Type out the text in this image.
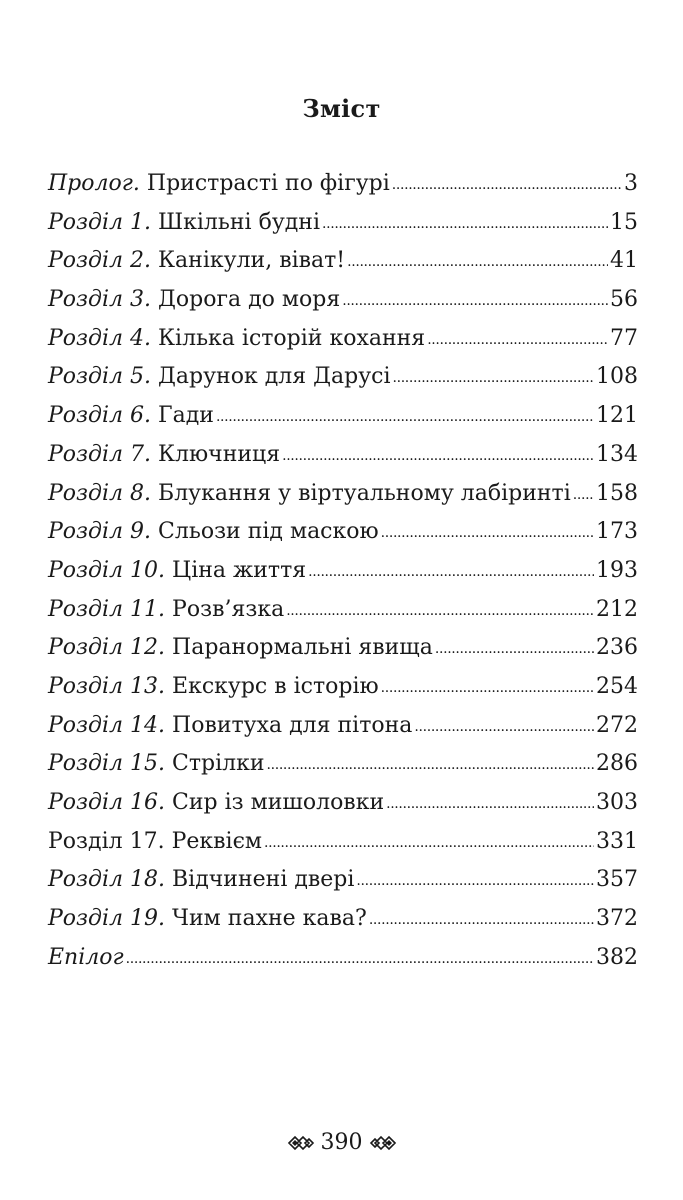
Зміст
Пролог. Пристрасті по фігурі . . .	3
Розділ 1. Шкільні будні . . .	15
Розділ 2. Канікули, віват! . . .	41
Розділ 3. Дорога до моря . . .	56
Розділ 4. Кілька історій кохання . . .	77
Розділ 5. Дарунок для Дарусі . . .	108
Розділ 6. Гади . . .	121
Розділ 7. Ключниця . . .	134
Розділ 8. Блукання у віртуальному лабіринті . . . 158
Розділ 9. Сльози під маскою . . .	173
Розділ 10. Ціна життя . . .	193
Розділ 11. Розв’язка . . .	212
Розділ 12. Паранормальні явища . . .	236
Розділ 13. Екскурс в історію . . .	254
Розділ 14. Повитуха для пітона . . .	272
Розділ 15. Стрілки . . .	286
Розділ 16. Сир із мишоловки . . .	303
Розділ 17. Реквієм . . .	331
Розділ 18. Відчинені двері . . .	357
Розділ 19. Чим пахне кава? . . .	372
Епілог . . .	382
390
